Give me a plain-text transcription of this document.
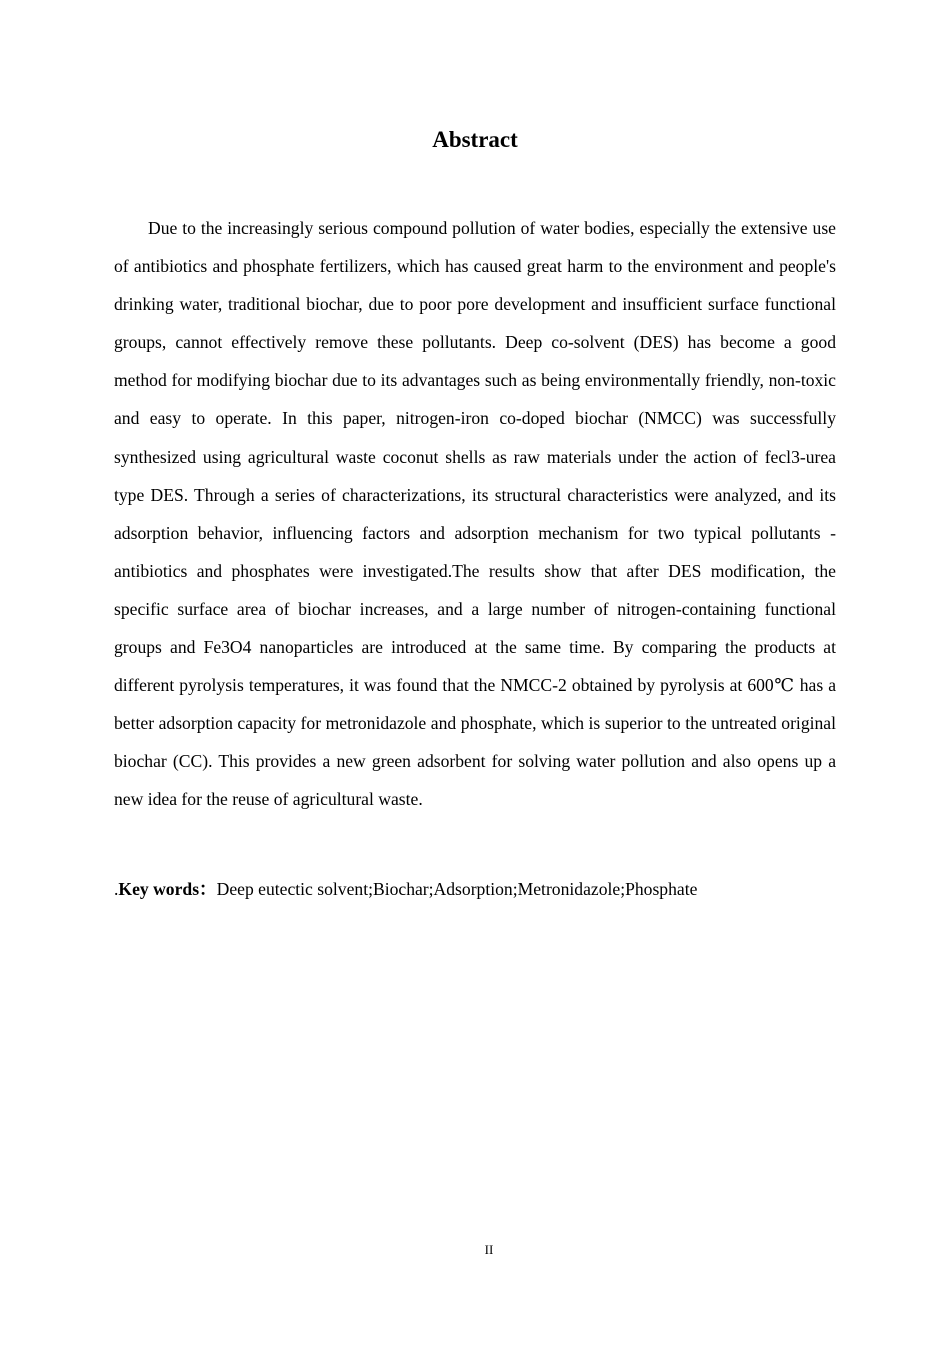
Abstract

Due to the increasingly serious compound pollution of water bodies, especially the extensive use of antibiotics and phosphate fertilizers, which has caused great harm to the environment and people's drinking water, traditional biochar, due to poor pore development and insufficient surface functional groups, cannot effectively remove these pollutants. Deep co-solvent (DES) has become a good method for modifying biochar due to its advantages such as being environmentally friendly, non-toxic and easy to operate. In this paper, nitrogen-iron co-doped biochar (NMCC) was successfully synthesized using agricultural waste coconut shells as raw materials under the action of fecl3-urea type DES. Through a series of characterizations, its structural characteristics were analyzed, and its adsorption behavior, influencing factors and adsorption mechanism for two typical pollutants - antibiotics and phosphates were investigated.The results show that after DES modification, the specific surface area of biochar increases, and a large number of nitrogen-containing functional groups and Fe3O4 nanoparticles are introduced at the same time. By comparing the products at different pyrolysis temperatures, it was found that the NMCC-2 obtained by pyrolysis at 600℃ has a better adsorption capacity for metronidazole and phosphate, which is superior to the untreated original biochar (CC). This provides a new green adsorbent for solving water pollution and also opens up a new idea for the reuse of agricultural waste.

.Key words：Deep eutectic solvent;Biochar;Adsorption;Metronidazole;Phosphate

II
